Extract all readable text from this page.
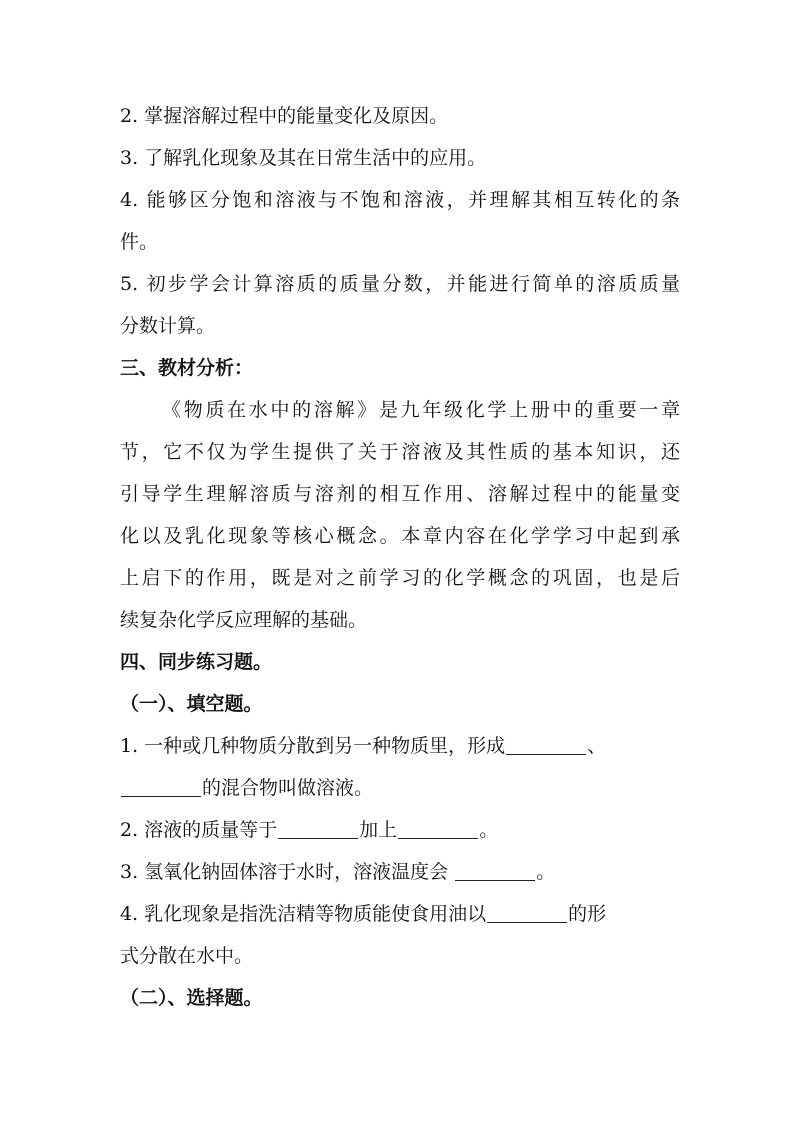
2. 掌握溶解过程中的能量变化及原因。
3. 了解乳化现象及其在日常生活中的应用。
4. 能够区分饱和溶液与不饱和溶液，并理解其相互转化的条
件。
5. 初步学会计算溶质的质量分数，并能进行简单的溶质质量
分数计算。
三、教材分析：
《物质在水中的溶解》是九年级化学上册中的重要一章
节，它不仅为学生提供了关于溶液及其性质的基本知识，还
引导学生理解溶质与溶剂的相互作用、溶解过程中的能量变
化以及乳化现象等核心概念。本章内容在化学学习中起到承
上启下的作用，既是对之前学习的化学概念的巩固，也是后
续复杂化学反应理解的基础。
四、同步练习题。
（一）、填空题。
1. 一种或几种物质分散到另一种物质里，形成	、
的混合物叫做溶液。
2. 溶液的质量等于	加上	。
3. 氢氧化钠固体溶于水时，溶液温度会	。
4. 乳化现象是指洗洁精等物质能使食用油以	的形
式分散在水中。
（二）、选择题。
